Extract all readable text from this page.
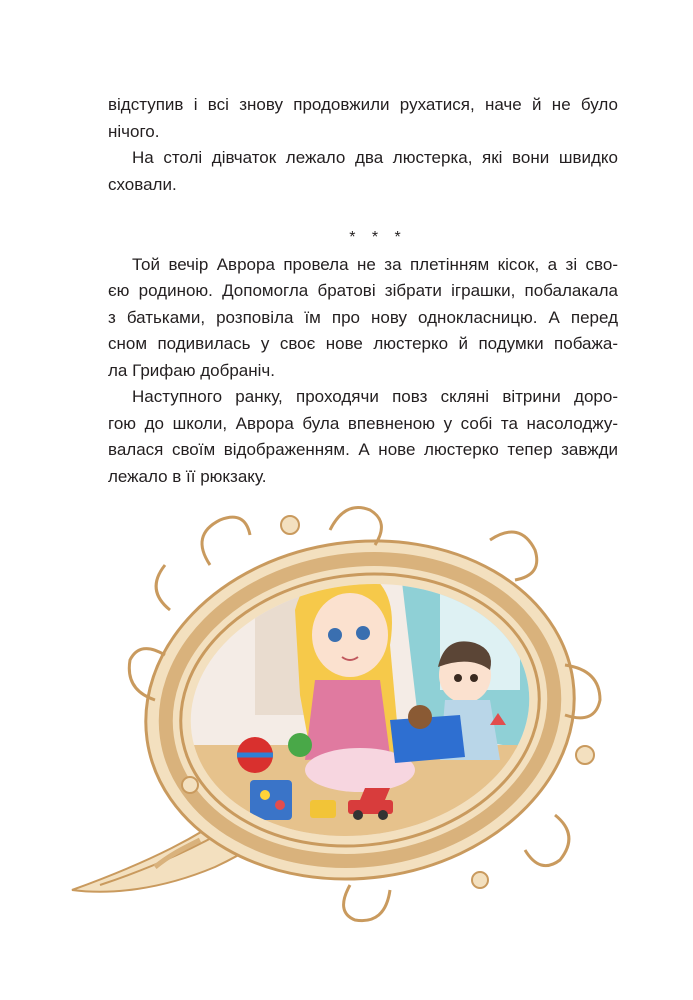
відступив і всі знову продовжили рухатися, наче й не було
нічого.
На столі дівчаток лежало два люстерка, які вони швидко
сховали.
* * *
Той вечір Аврора провела не за плетінням кісок, а зі сво-
єю родиною. Допомогла братові зібрати іграшки, побалакала
з батьками, розповіла їм про нову однокласницю. А перед
сном подивилась у своє нове люстерко й подумки побажа-
ла Грифаю добраніч.
Наступного ранку, проходячи повз скляні вітрини доро-
гою до школи, Аврора була впевненою у собі та насолоджу-
валася своїм відображенням. А нове люстерко тепер завжди
лежало в її рюкзаку.
